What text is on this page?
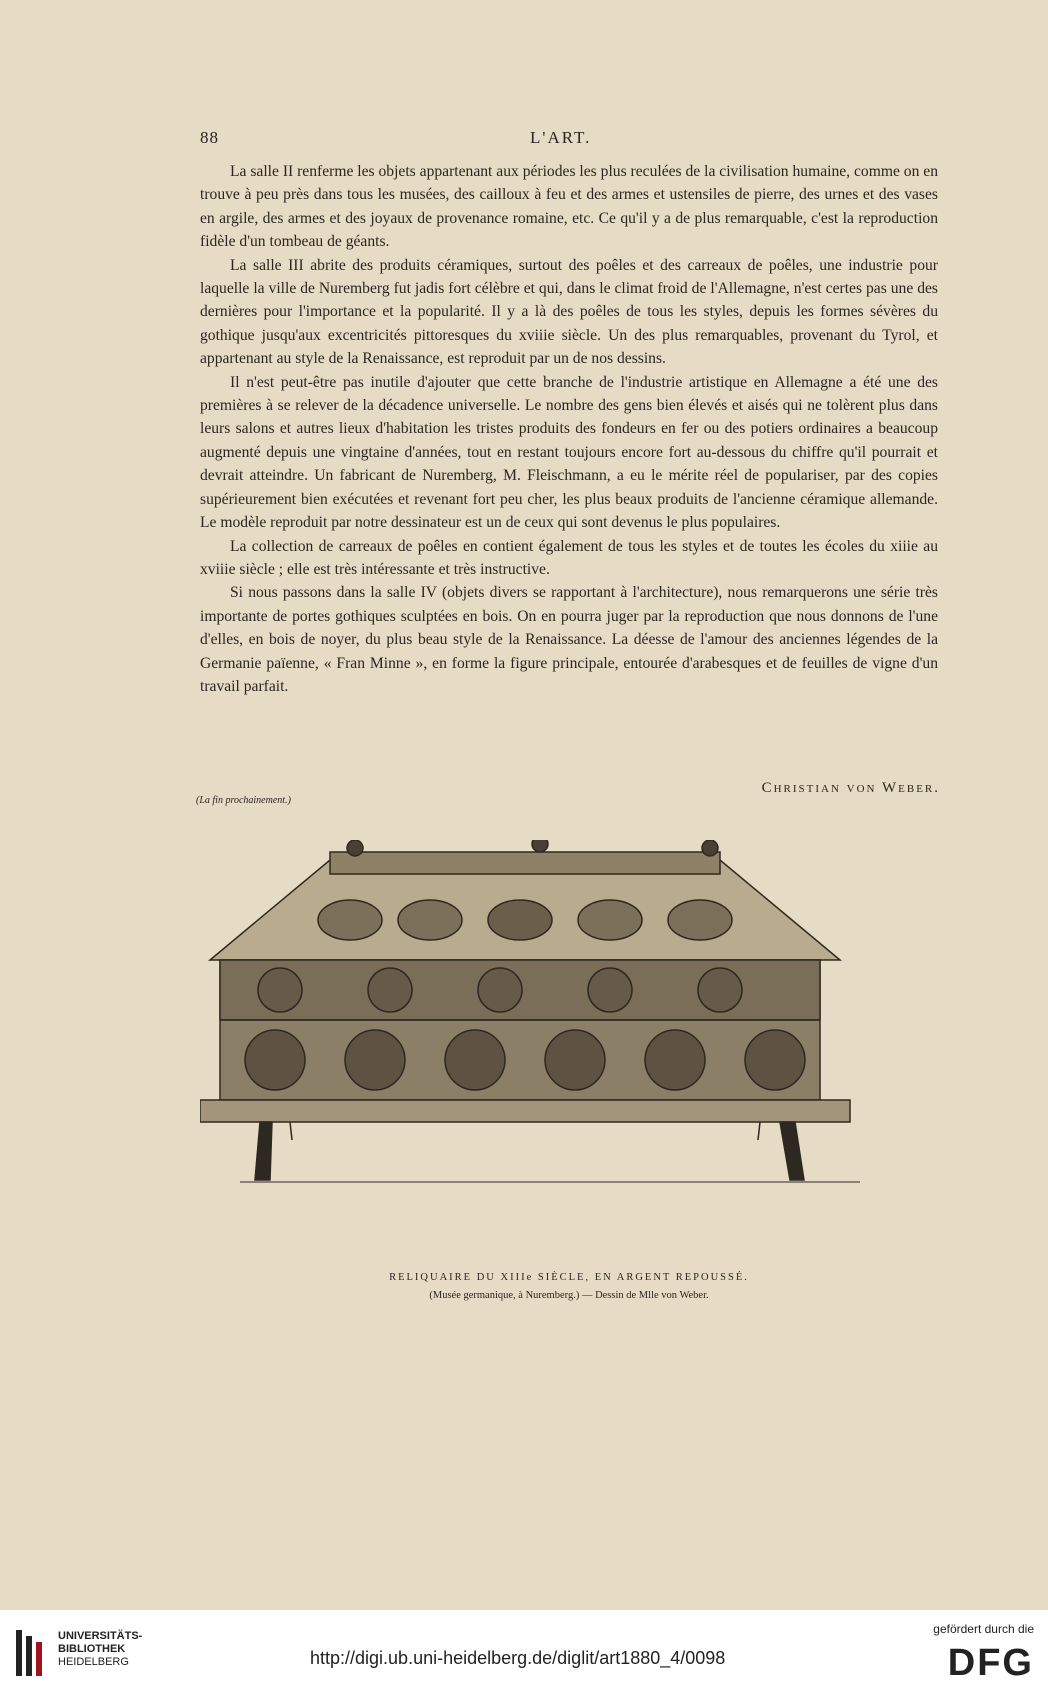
88	L'ART.

La salle II renferme les objets appartenant aux périodes les plus reculées de la civilisation humaine, comme on en trouve à peu près dans tous les musées, des cailloux à feu et des armes et ustensiles de pierre, des urnes et des vases en argile, des armes et des joyaux de provenance romaine, etc. Ce qu'il y a de plus remarquable, c'est la reproduction fidèle d'un tombeau de géants.

La salle III abrite des produits céramiques, surtout des poêles et des carreaux de poêles, une industrie pour laquelle la ville de Nuremberg fut jadis fort célèbre et qui, dans le climat froid de l'Allemagne, n'est certes pas une des dernières pour l'importance et la popularité. Il y a là des poêles de tous les styles, depuis les formes sévères du gothique jusqu'aux excentricités pittoresques du xviiie siècle. Un des plus remarquables, provenant du Tyrol, et appartenant au style de la Renaissance, est reproduit par un de nos dessins.

Il n'est peut-être pas inutile d'ajouter que cette branche de l'industrie artistique en Allemagne a été une des premières à se relever de la décadence universelle. Le nombre des gens bien élevés et aisés qui ne tolèrent plus dans leurs salons et autres lieux d'habitation les tristes produits des fondeurs en fer ou des potiers ordinaires a beaucoup augmenté depuis une vingtaine d'années, tout en restant toujours encore fort au-dessous du chiffre qu'il pourrait et devrait atteindre. Un fabricant de Nuremberg, M. Fleischmann, a eu le mérite réel de populariser, par des copies supérieurement bien exécutées et revenant fort peu cher, les plus beaux produits de l'ancienne céramique allemande. Le modèle reproduit par notre dessinateur est un de ceux qui sont devenus le plus populaires.

La collection de carreaux de poêles en contient également de tous les styles et de toutes les écoles du xiiie au xviiie siècle ; elle est très intéressante et très instructive.

Si nous passons dans la salle IV (objets divers se rapportant à l'architecture), nous remarquerons une série très importante de portes gothiques sculptées en bois. On en pourra juger par la reproduction que nous donnons de l'une d'elles, en bois de noyer, du plus beau style de la Renaissance. La déesse de l'amour des anciennes légendes de la Germanie païenne, « Fran Minne », en forme la figure principale, entourée d'arabesques et de feuilles de vigne d'un travail parfait.

Christian von Weber.
(La fin prochainement.)
RELIQUAIRE DU XIIIe SIÈCLE, EN ARGENT REPOUSSÉ.
(Musée germanique, à Nuremberg.) — Dessin de Mlle von Weber.
UNIVERSITÄTS-
BIBLIOTHEK
HEIDELBERG	http://digi.ub.uni-heidelberg.de/diglit/art1880_4/0098
gefördert durch die
DFG
